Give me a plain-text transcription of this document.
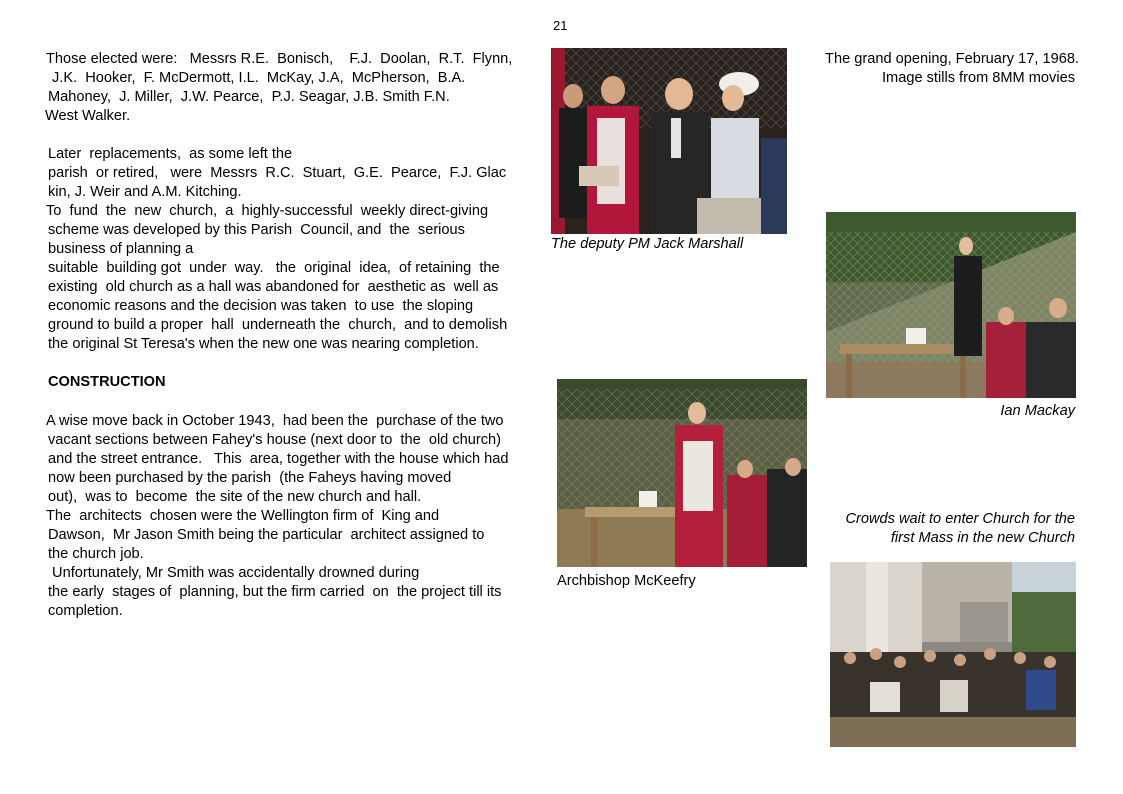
21
Those elected were:   Messrs R.E.  Bonisch,    F.J.  Doolan,  R.T.  Flynn,
J.K.  Hooker,  F. McDermott, I.L.  McKay, J.A,  McPherson,  B.A.
Mahoney,  J. Miller,  J.W. Pearce,  P.J. Seagar, J.B. Smith F.N.
West Walker.
Later  replacements,  as some left the
parish  or retired,   were  Messrs  R.C.  Stuart,  G.E.  Pearce,  F.J. Glac
kin, J. Weir and A.M. Kitching.
To  fund  the  new  church,  a  highly-successful  weekly direct-giving
scheme was developed by this Parish  Council, and  the  serious
business of planning a
suitable  building got  under  way.   the  original  idea,  of retaining  the
existing  old church as a hall was abandoned for  aesthetic as  well as
economic reasons and the decision was taken  to use  the sloping
ground to build a proper  hall  underneath the  church,  and to demolish
the original St Teresa's when the new one was nearing completion.
CONSTRUCTION
A wise move back in October 1943,  had been the  purchase of the two
vacant sections between Fahey's house (next door to  the  old church)
and the street entrance.   This  area, together with the house which had
now been purchased by the parish  (the Faheys having moved
out),  was to  become  the site of the new church and hall.
The  architects  chosen were the Wellington firm of  King and
Dawson,  Mr Jason Smith being the particular  architect assigned to
the church job.
Unfortunately, Mr Smith was accidentally drowned during
the early  stages of  planning, but the firm carried  on  the project till its
completion.
The grand opening, February 17, 1968.
Image stills from 8MM movies
The deputy PM Jack Marshall
Ian Mackay
Archbishop McKeefry
Crowds wait to enter Church for the
first Mass in the new Church
